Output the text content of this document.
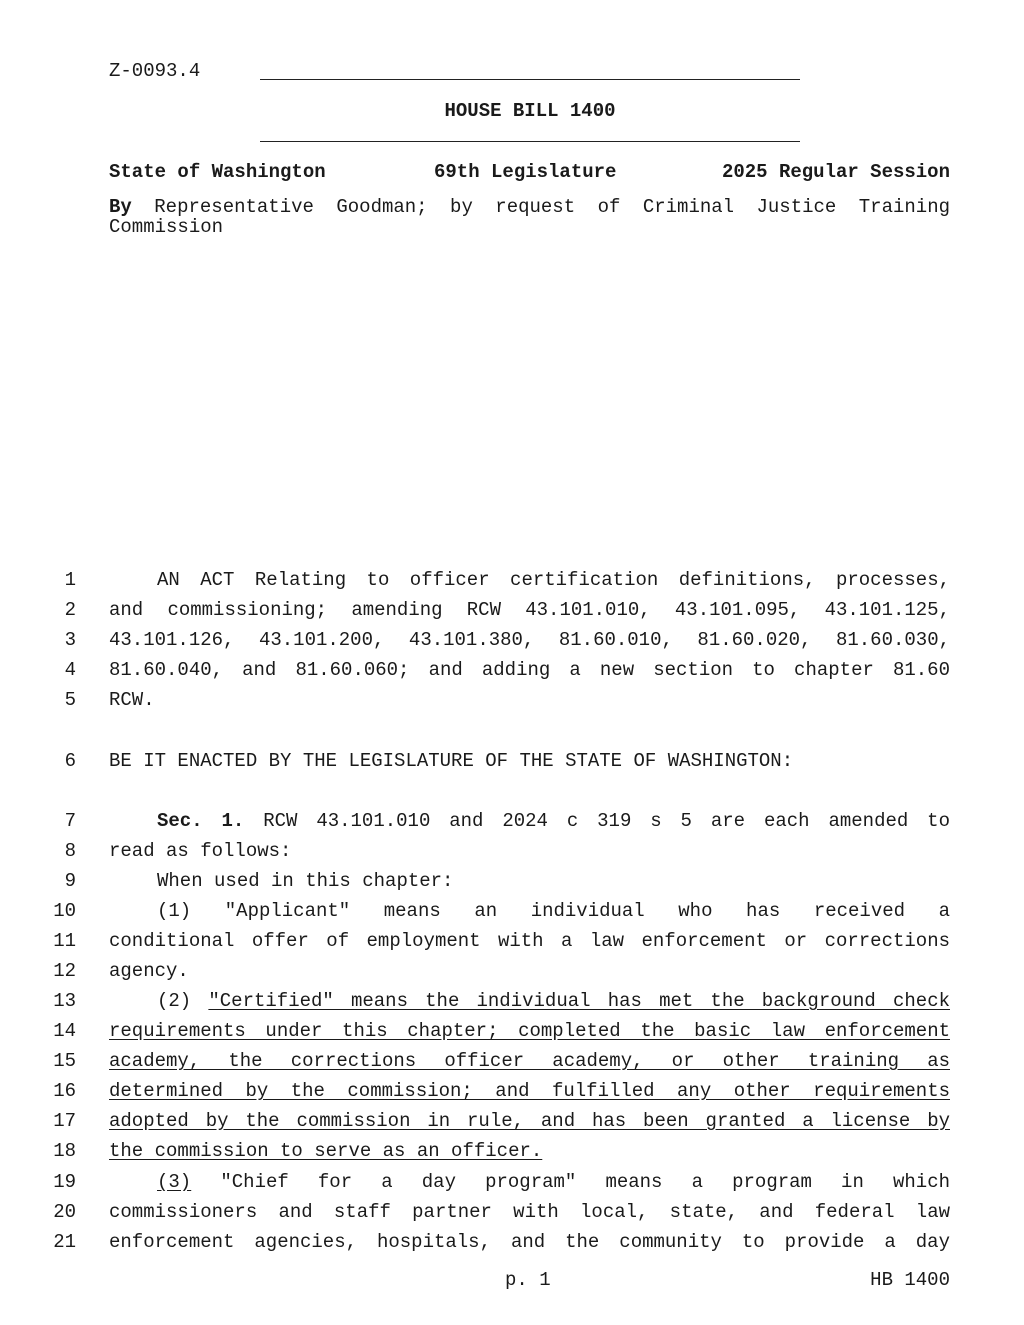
Z-0093.4
HOUSE BILL 1400
State of Washington	69th Legislature	2025 Regular Session
By Representative Goodman; by request of Criminal Justice Training
Commission
1	AN ACT Relating to officer certification definitions, processes,
2 and commissioning; amending RCW 43.101.010, 43.101.095, 43.101.125,
3 43.101.126, 43.101.200, 43.101.380, 81.60.010, 81.60.020, 81.60.030,
4 81.60.040, and 81.60.060; and adding a new section to chapter 81.60
5 RCW.
6 BE IT ENACTED BY THE LEGISLATURE OF THE STATE OF WASHINGTON:
7	Sec. 1. RCW 43.101.010 and 2024 c 319 s 5 are each amended to
8 read as follows:
9	When used in this chapter:
10	(1) "Applicant" means an individual who has received a
11 conditional offer of employment with a law enforcement or corrections
12 agency.
13	(2) "Certified" means the individual has met the background check
14 requirements under this chapter; completed the basic law enforcement
15 academy, the corrections officer academy, or other training as
16 determined by the commission; and fulfilled any other requirements
17 adopted by the commission in rule, and has been granted a license by
18 the commission to serve as an officer.
19	(3) "Chief for a day program" means a program in which
20 commissioners and staff partner with local, state, and federal law
21 enforcement agencies, hospitals, and the community to provide a day
p. 1	HB 1400
